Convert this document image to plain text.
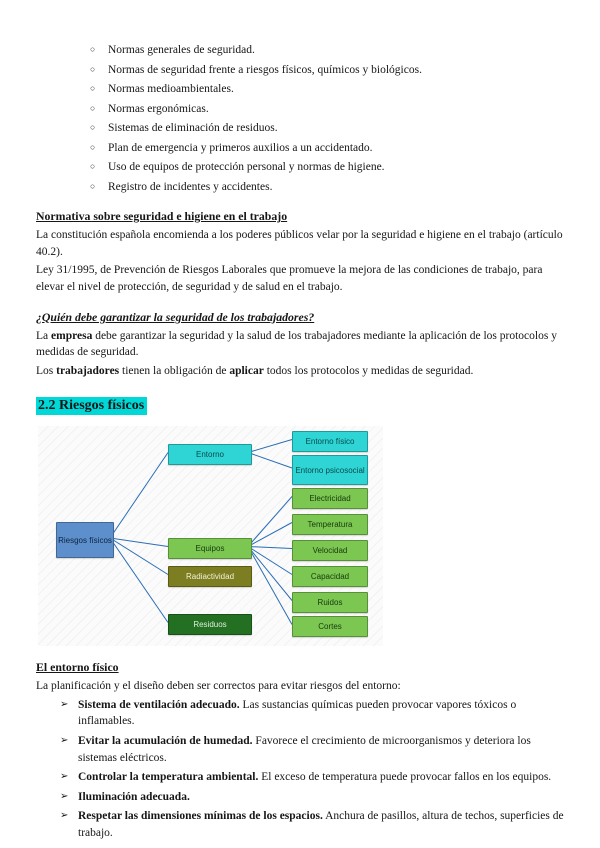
○	Normas generales de seguridad.
○	Normas de seguridad frente a riesgos físicos, químicos y biológicos.
○	Normas medioambientales.
○	Normas ergonómicas.
○	Sistemas de eliminación de residuos.
○	Plan de emergencia y primeros auxilios a un accidentado.
○	Uso de equipos de protección personal y normas de higiene.
○	Registro de incidentes y accidentes.
Normativa sobre seguridad e higiene en el trabajo

La constitución española encomienda a los poderes públicos velar por la seguridad e higiene en el trabajo (artículo 40.2).

Ley 31/1995, de Prevención de Riesgos Laborales que promueve la mejora de las condiciones de trabajo, para elevar el nivel de protección, de seguridad y de salud en el trabajo.

¿Quién debe garantizar la seguridad de los trabajadores?

La empresa debe garantizar la seguridad y la salud de los trabajadores mediante la aplicación de los protocolos y medidas de seguridad.

Los trabajadores tienen la obligación de aplicar todos los protocolos y medidas de seguridad.

2.2 Riesgos físicos
Riesgos físicos
Entorno
Equipos
Radiactividad
Residuos
Entorno físico
Entorno psicosocial
Electricidad
Temperatura
Velocidad
Capacidad
Ruidos
Cortes
El entorno físico

La planificación y el diseño deben ser correctos para evitar riesgos del entorno:

➢ Sistema de ventilación adecuado. Las sustancias químicas pueden provocar vapores tóxicos o inflamables.
➢ Evitar la acumulación de humedad. Favorece el crecimiento de microorganismos y deteriora los sistemas eléctricos.
➢ Controlar la temperatura ambiental. El exceso de temperatura puede provocar fallos en los equipos.
➢ Iluminación adecuada.
➢ Respetar las dimensiones mínimas de los espacios. Anchura de pasillos, altura de techos, superficies de trabajo.
